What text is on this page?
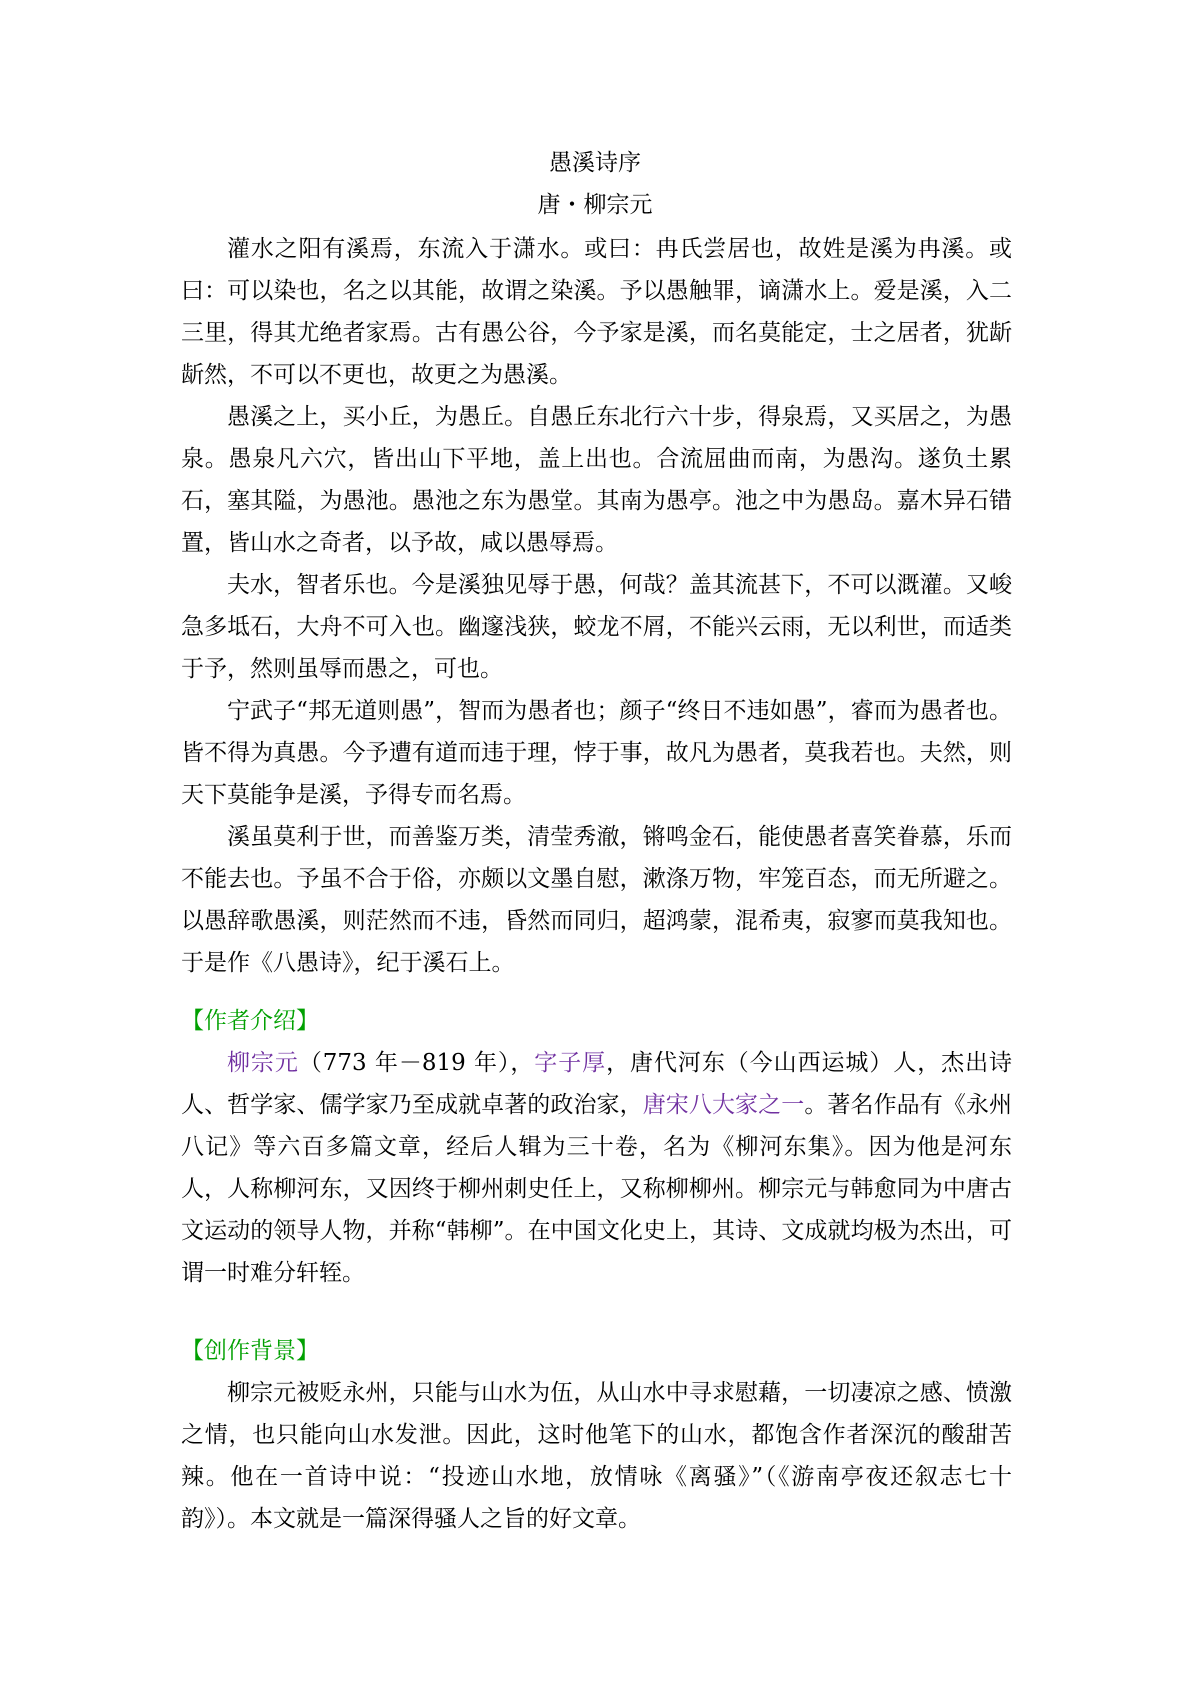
愚溪诗序
唐・柳宗元

灌水之阳有溪焉，东流入于潇水。或曰：冉氏尝居也，故姓是溪为冉溪。或曰：可以染也，名之以其能，故谓之染溪。予以愚触罪，谪潇水上。爱是溪，入二三里，得其尤绝者家焉。古有愚公谷，今予家是溪，而名莫能定，士之居者，犹龂龂然，不可以不更也，故更之为愚溪。

愚溪之上，买小丘，为愚丘。自愚丘东北行六十步，得泉焉，又买居之，为愚泉。愚泉凡六穴，皆出山下平地，盖上出也。合流屈曲而南，为愚沟。遂负土累石，塞其隘，为愚池。愚池之东为愚堂。其南为愚亭。池之中为愚岛。嘉木异石错置，皆山水之奇者，以予故，咸以愚辱焉。

夫水，智者乐也。今是溪独见辱于愚，何哉？盖其流甚下，不可以溉灌。又峻急多坻石，大舟不可入也。幽邃浅狭，蛟龙不屑，不能兴云雨，无以利世，而适类于予，然则虽辱而愚之，可也。

宁武子“邦无道则愚”，智而为愚者也；颜子“终日不违如愚”，睿而为愚者也。皆不得为真愚。今予遭有道而违于理，悖于事，故凡为愚者，莫我若也。夫然，则天下莫能争是溪，予得专而名焉。

溪虽莫利于世，而善鉴万类，清莹秀澈，锵鸣金石，能使愚者喜笑眷慕，乐而不能去也。予虽不合于俗，亦颇以文墨自慰，漱涤万物，牢笼百态，而无所避之。以愚辞歌愚溪，则茫然而不违，昏然而同归，超鸿蒙，混希夷，寂寥而莫我知也。于是作《八愚诗》，纪于溪石上。

【作者介绍】

柳宗元（773 年－819 年），字子厚，唐代河东（今山西运城）人，杰出诗人、哲学家、儒学家乃至成就卓著的政治家，唐宋八大家之一。著名作品有《永州八记》等六百多篇文章，经后人辑为三十卷，名为《柳河东集》。因为他是河东人，人称柳河东，又因终于柳州刺史任上，又称柳柳州。柳宗元与韩愈同为中唐古文运动的领导人物，并称“韩柳”。在中国文化史上，其诗、文成就均极为杰出，可谓一时难分轩轾。

【创作背景】

柳宗元被贬永州，只能与山水为伍，从山水中寻求慰藉，一切凄凉之感、愤激之情，也只能向山水发泄。因此，这时他笔下的山水，都饱含作者深沉的酸甜苦辣。他在一首诗中说：“投迹山水地，放情咏《离骚》”（《游南亭夜还叙志七十韵》）。本文就是一篇深得骚人之旨的好文章。
